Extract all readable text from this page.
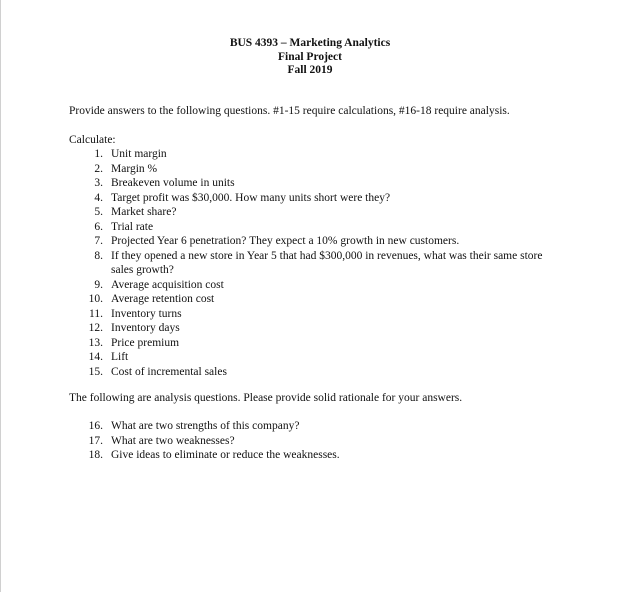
BUS 4393 – Marketing Analytics
Final Project
Fall 2019
Provide answers to the following questions. #1-15 require calculations, #16-18 require analysis.
Calculate:
1. Unit margin
2. Margin %
3. Breakeven volume in units
4. Target profit was $30,000. How many units short were they?
5. Market share?
6. Trial rate
7. Projected Year 6 penetration? They expect a 10% growth in new customers.
8. If they opened a new store in Year 5 that had $300,000 in revenues, what was their same store sales growth?
9. Average acquisition cost
10. Average retention cost
11. Inventory turns
12. Inventory days
13. Price premium
14. Lift
15. Cost of incremental sales
The following are analysis questions. Please provide solid rationale for your answers.
16. What are two strengths of this company?
17. What are two weaknesses?
18. Give ideas to eliminate or reduce the weaknesses.
